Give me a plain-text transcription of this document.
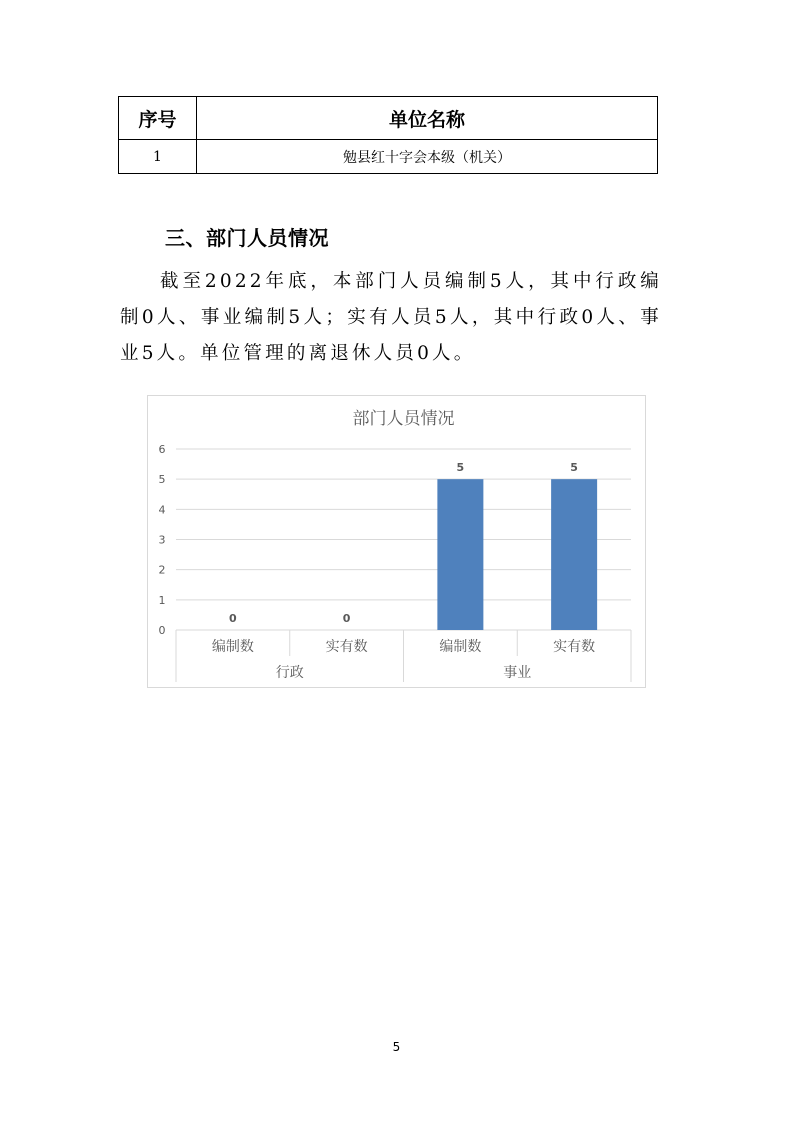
序号	单位名称
1	勉县红十字会本级（机关）
三、部门人员情况
截至2022年底，本部门人员编制5人，其中行政编制0人、事业编制5人；实有人员5人，其中行政0人、事业5人。单位管理的离退休人员0人。
部门人员情况
0
1
2
3
4
5
6
0
编制数
0
实有数
5
编制数
5
实有数
行政	事业
5
